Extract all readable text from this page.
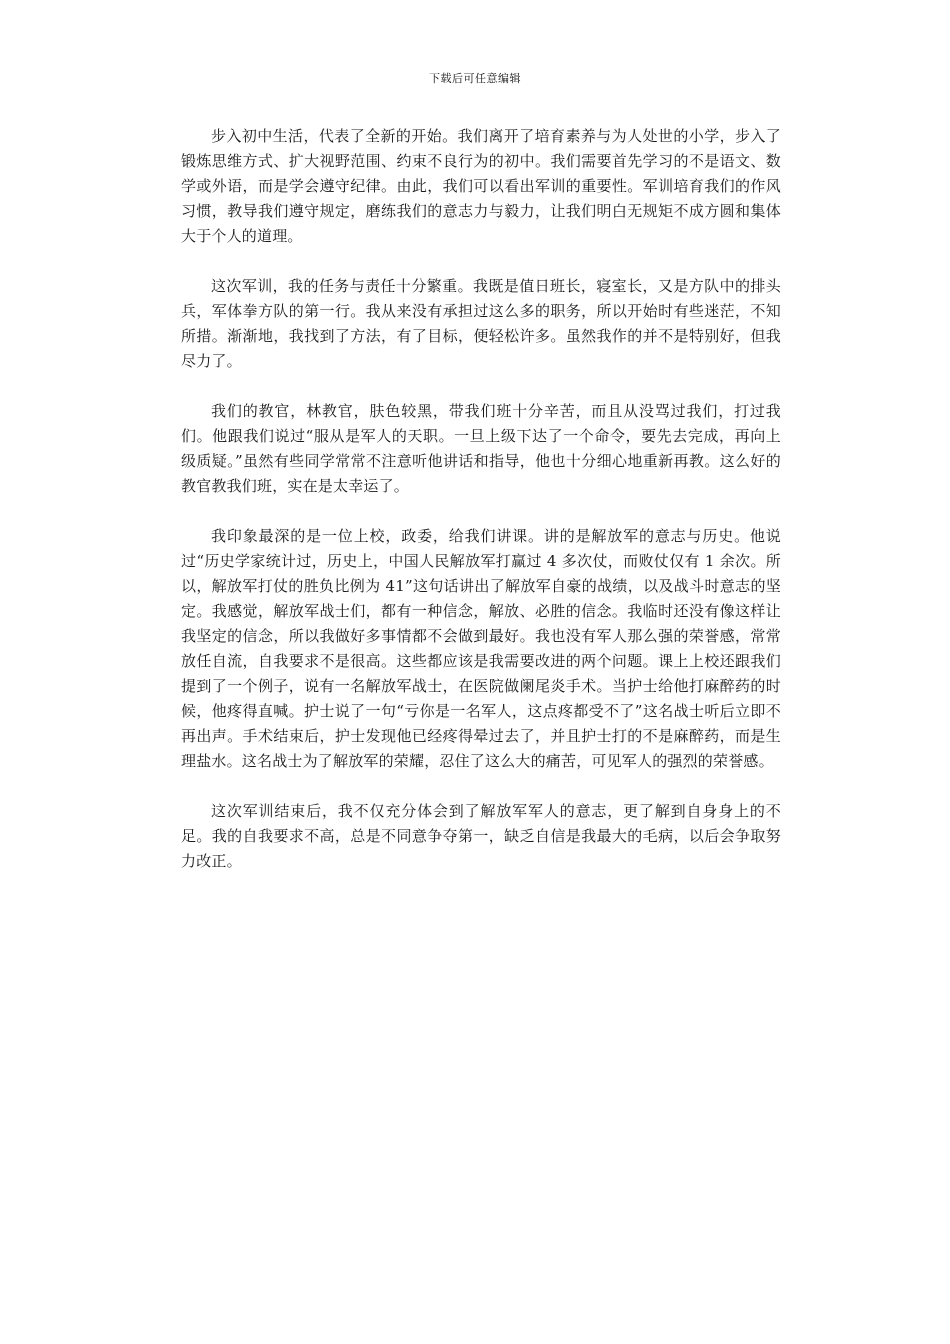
下载后可任意编辑

步入初中生活，代表了全新的开始。我们离开了培育素养与为人处世的小学，步入了锻炼思维方式、扩大视野范围、约束不良行为的初中。我们需要首先学习的不是语文、数学或外语，而是学会遵守纪律。由此，我们可以看出军训的重要性。军训培育我们的作风习惯，教导我们遵守规定，磨练我们的意志力与毅力，让我们明白无规矩不成方圆和集体大于个人的道理。

这次军训，我的任务与责任十分繁重。我既是值日班长，寝室长，又是方队中的排头兵，军体拳方队的第一行。我从来没有承担过这么多的职务，所以开始时有些迷茫，不知所措。渐渐地，我找到了方法，有了目标，便轻松许多。虽然我作的并不是特别好，但我尽力了。

我们的教官，林教官，肤色较黑，带我们班十分辛苦，而且从没骂过我们，打过我们。他跟我们说过“服从是军人的天职。一旦上级下达了一个命令，要先去完成，再向上级质疑。”虽然有些同学常常不注意听他讲话和指导，他也十分细心地重新再教。这么好的教官教我们班，实在是太幸运了。

我印象最深的是一位上校，政委，给我们讲课。讲的是解放军的意志与历史。他说过“历史学家统计过，历史上，中国人民解放军打赢过 4 多次仗，而败仗仅有 1 余次。所以，解放军打仗的胜负比例为 41”这句话讲出了解放军自豪的战绩，以及战斗时意志的坚定。我感觉，解放军战士们，都有一种信念，解放、必胜的信念。我临时还没有像这样让我坚定的信念，所以我做好多事情都不会做到最好。我也没有军人那么强的荣誉感，常常放任自流，自我要求不是很高。这些都应该是我需要改进的两个问题。课上上校还跟我们提到了一个例子，说有一名解放军战士，在医院做阑尾炎手术。当护士给他打麻醉药的时候，他疼得直喊。护士说了一句“亏你是一名军人，这点疼都受不了”这名战士听后立即不再出声。手术结束后，护士发现他已经疼得晕过去了，并且护士打的不是麻醉药，而是生理盐水。这名战士为了解放军的荣耀，忍住了这么大的痛苦，可见军人的强烈的荣誉感。

这次军训结束后，我不仅充分体会到了解放军军人的意志，更了解到自身身上的不足。我的自我要求不高，总是不同意争夺第一，缺乏自信是我最大的毛病，以后会争取努力改正。
